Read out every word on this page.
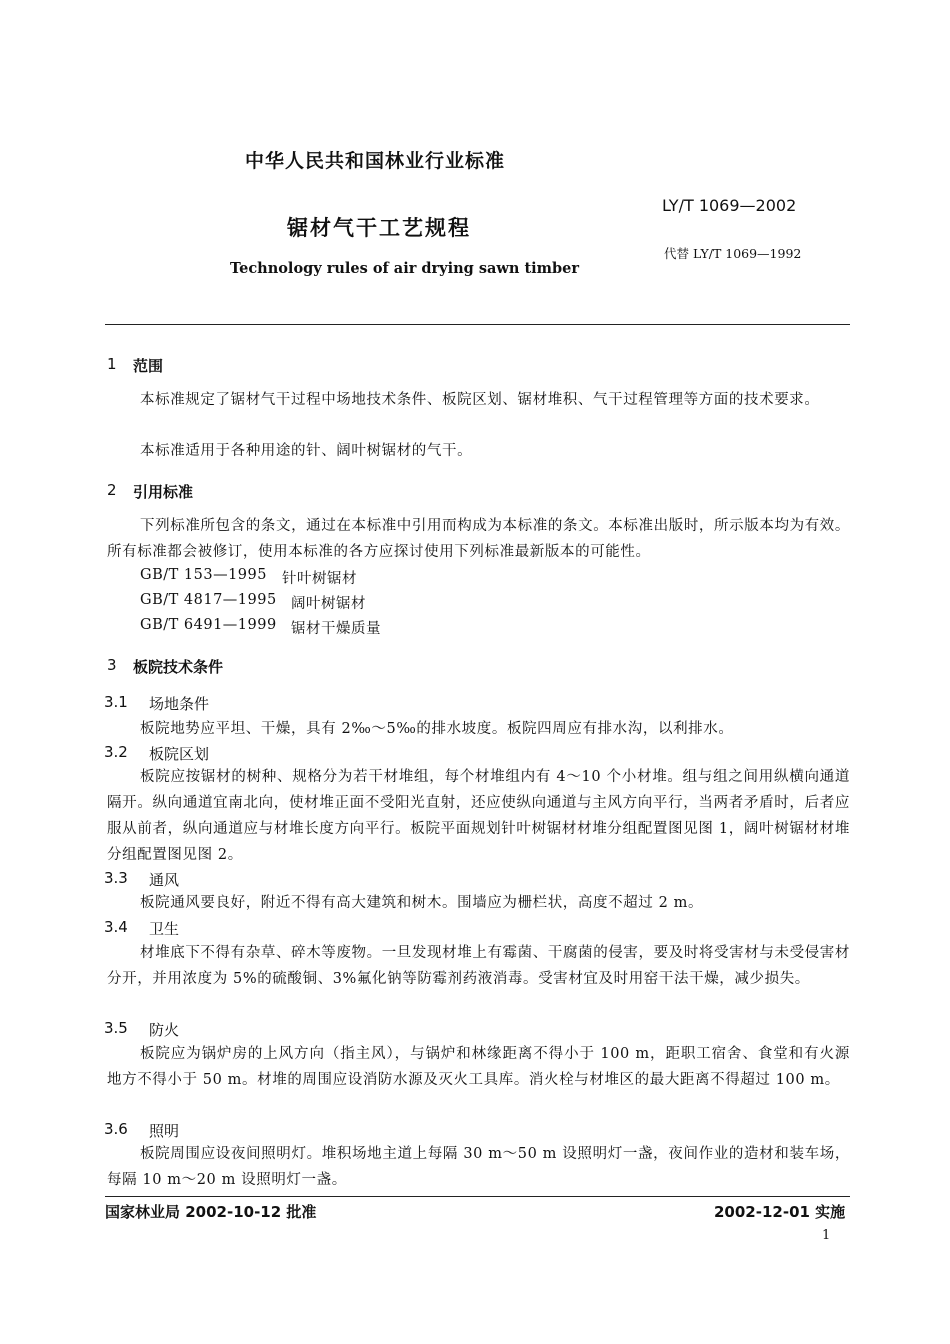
中华人民共和国林业行业标准
LY/T 1069—2002
锯材气干工艺规程
代替 LY/T 1069—1992
Technology rules of air drying sawn timber
1 范围
本标准规定了锯材气干过程中场地技术条件、板院区划、锯材堆积、气干过程管理等方面的技术要求。
本标准适用于各种用途的针、阔叶树锯材的气干。
2 引用标准
下列标准所包含的条文，通过在本标准中引用而构成为本标准的条文。本标准出版时，所示版本均为有效。所有标准都会被修订，使用本标准的各方应探讨使用下列标准最新版本的可能性。
GB/T 153—1995 针叶树锯材
GB/T 4817—1995 阔叶树锯材
GB/T 6491—1999 锯材干燥质量
3 板院技术条件
3.1 场地条件
板院地势应平坦、干燥，具有 2‰～5‰的排水坡度。板院四周应有排水沟，以利排水。
3.2 板院区划
板院应按锯材的树种、规格分为若干材堆组，每个材堆组内有 4～10 个小材堆。组与组之间用纵横向通道隔开。纵向通道宜南北向，使材堆正面不受阳光直射，还应使纵向通道与主风方向平行，当两者矛盾时，后者应服从前者，纵向通道应与材堆长度方向平行。板院平面规划针叶树锯材材堆分组配置图见图 1，阔叶树锯材材堆分组配置图见图 2。
3.3 通风
板院通风要良好，附近不得有高大建筑和树木。围墙应为栅栏状，高度不超过 2 m。
3.4 卫生
材堆底下不得有杂草、碎木等废物。一旦发现材堆上有霉菌、干腐菌的侵害，要及时将受害材与未受侵害材分开，并用浓度为 5%的硫酸铜、3%氟化钠等防霉剂药液消毒。受害材宜及时用窑干法干燥，减少损失。
3.5 防火
板院应为锅炉房的上风方向（指主风），与锅炉和林缘距离不得小于 100 m，距职工宿舍、食堂和有火源地方不得小于 50 m。材堆的周围应设消防水源及灭火工具库。消火栓与材堆区的最大距离不得超过 100 m。
3.6 照明
板院周围应设夜间照明灯。堆积场地主道上每隔 30 m～50 m 设照明灯一盏，夜间作业的造材和装车场，每隔 10 m～20 m 设照明灯一盏。
国家林业局 2002-10-12 批准	2002-12-01 实施
1
